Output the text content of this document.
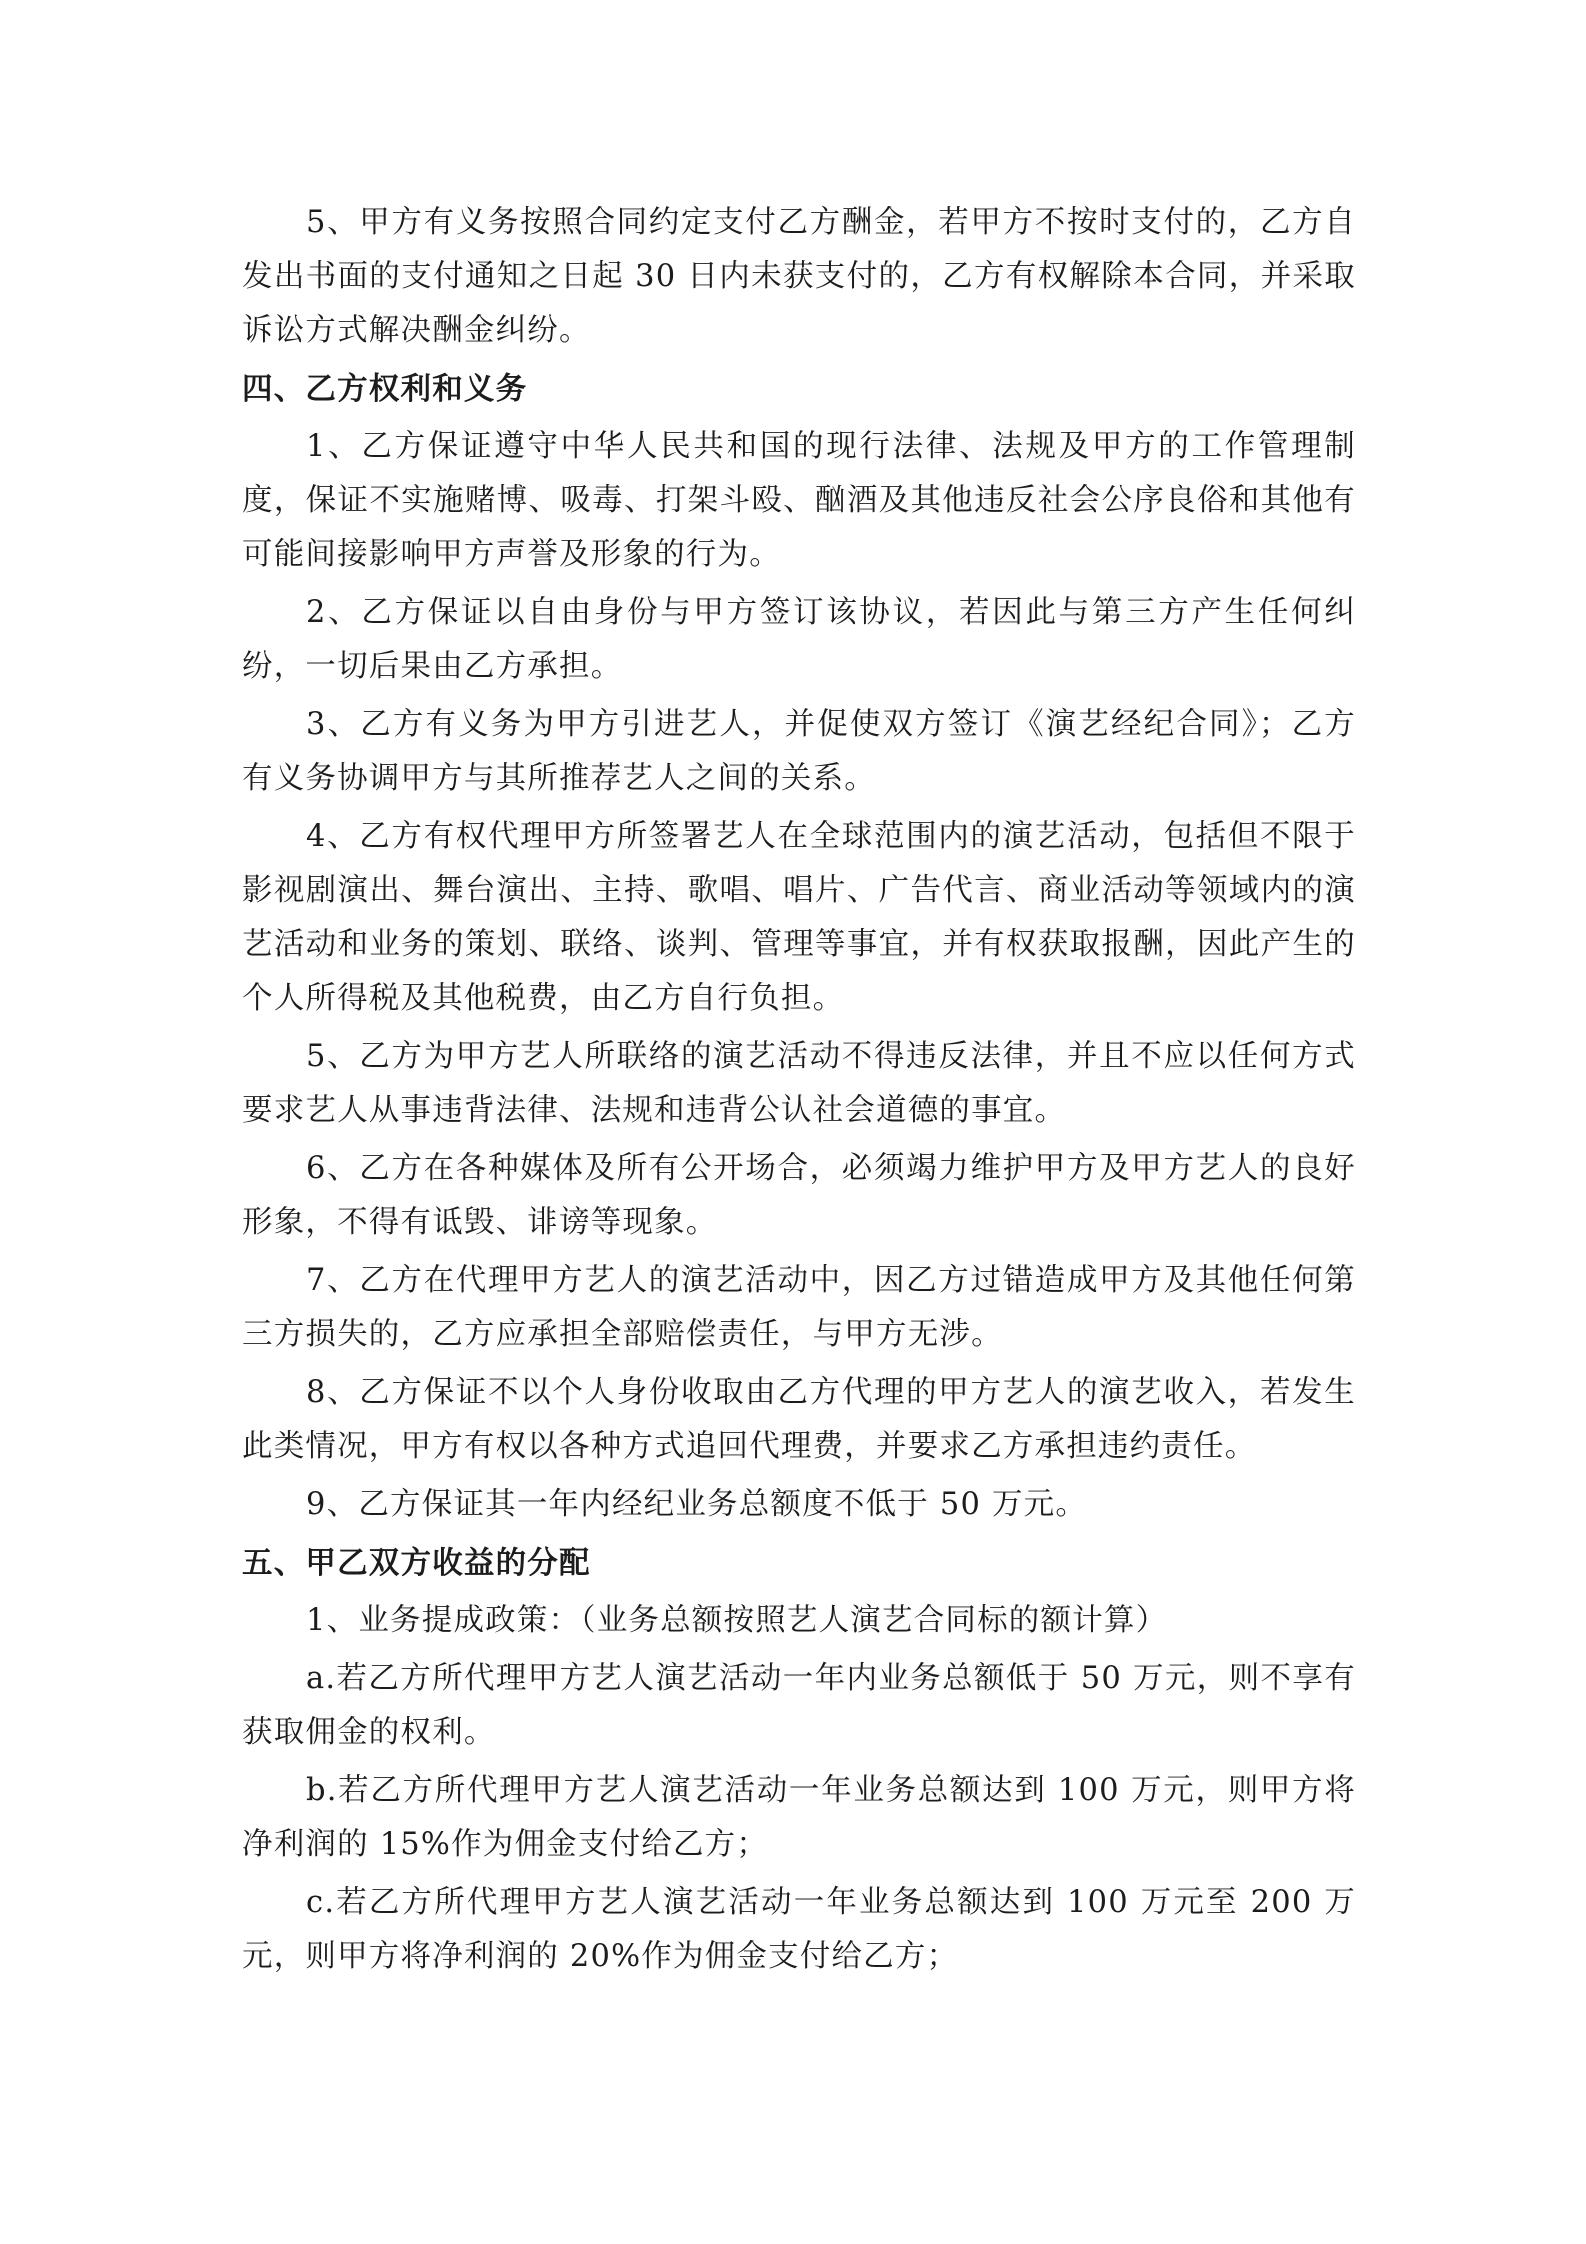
5、甲方有义务按照合同约定支付乙方酬金，若甲方不按时支付的，乙方自发出书面的支付通知之日起 30 日内未获支付的，乙方有权解除本合同，并采取诉讼方式解决酬金纠纷。

四、乙方权利和义务

1、乙方保证遵守中华人民共和国的现行法律、法规及甲方的工作管理制度，保证不实施赌博、吸毒、打架斗殴、酗酒及其他违反社会公序良俗和其他有可能间接影响甲方声誉及形象的行为。

2、乙方保证以自由身份与甲方签订该协议，若因此与第三方产生任何纠纷，一切后果由乙方承担。

3、乙方有义务为甲方引进艺人，并促使双方签订《演艺经纪合同》；乙方有义务协调甲方与其所推荐艺人之间的关系。

4、乙方有权代理甲方所签署艺人在全球范围内的演艺活动，包括但不限于影视剧演出、舞台演出、主持、歌唱、唱片、广告代言、商业活动等领域内的演艺活动和业务的策划、联络、谈判、管理等事宜，并有权获取报酬，因此产生的个人所得税及其他税费，由乙方自行负担。

5、乙方为甲方艺人所联络的演艺活动不得违反法律，并且不应以任何方式要求艺人从事违背法律、法规和违背公认社会道德的事宜。

6、乙方在各种媒体及所有公开场合，必须竭力维护甲方及甲方艺人的良好形象，不得有诋毁、诽谤等现象。

7、乙方在代理甲方艺人的演艺活动中，因乙方过错造成甲方及其他任何第三方损失的，乙方应承担全部赔偿责任，与甲方无涉。

8、乙方保证不以个人身份收取由乙方代理的甲方艺人的演艺收入，若发生此类情况，甲方有权以各种方式追回代理费，并要求乙方承担违约责任。

9、乙方保证其一年内经纪业务总额度不低于 50 万元。

五、甲乙双方收益的分配

1、业务提成政策：（业务总额按照艺人演艺合同标的额计算）

a.若乙方所代理甲方艺人演艺活动一年内业务总额低于 50 万元，则不享有获取佣金的权利。

b.若乙方所代理甲方艺人演艺活动一年业务总额达到 100 万元，则甲方将净利润的 15%作为佣金支付给乙方；

c.若乙方所代理甲方艺人演艺活动一年业务总额达到 100 万元至 200 万元，则甲方将净利润的 20%作为佣金支付给乙方；
